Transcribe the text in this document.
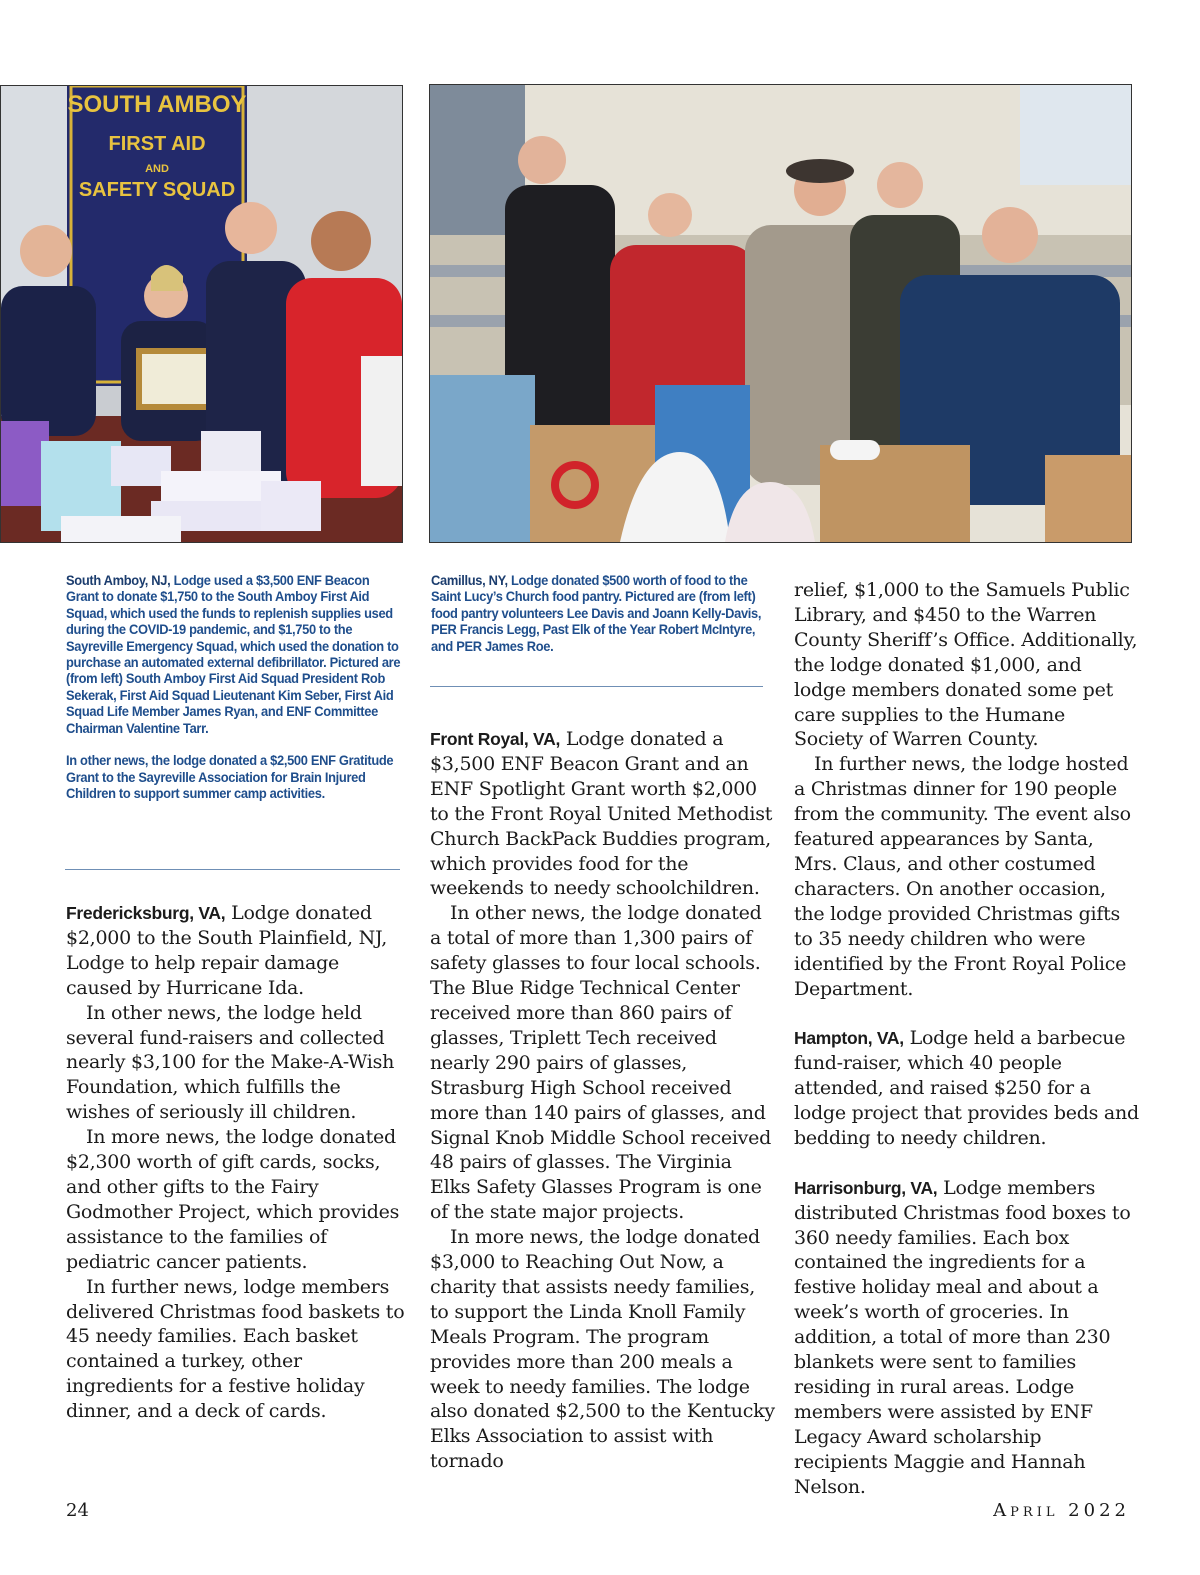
SOUTH AMBOY
FIRST AID
AND
SAFETY SQUAD

South Amboy, NJ, Lodge used a $3,500 ENF Beacon Grant to donate $1,750 to the South Amboy First Aid Squad, which used the funds to replenish supplies used during the COVID-19 pandemic, and $1,750 to the Sayreville Emergency Squad, which used the donation to purchase an automated external defibrillator. Pictured are (from left) South Amboy First Aid Squad President Rob Sekerak, First Aid Squad Lieutenant Kim Seber, First Aid Squad Life Member James Ryan, and ENF Committee Chairman Valentine Tarr.

In other news, the lodge donated a $2,500 ENF Gratitude Grant to the Sayreville Association for Brain Injured Children to support summer camp activities.

Camillus, NY, Lodge donated $500 worth of food to the Saint Lucy’s Church food pantry. Pictured are (from left) food pantry volunteers Lee Davis and Joann Kelly-Davis, PER Francis Legg, Past Elk of the Year Robert McIntyre, and PER James Roe.

Fredericksburg, VA, Lodge donated $2,000 to the South Plainfield, NJ, Lodge to help repair damage caused by Hurricane Ida.

In other news, the lodge held several fund-raisers and collected nearly $3,100 for the Make-A-Wish Foundation, which fulfills the wishes of seriously ill children.

In more news, the lodge donated $2,300 worth of gift cards, socks, and other gifts to the Fairy Godmother Project, which provides assistance to the families of pediatric cancer patients.

In further news, lodge members delivered Christmas food baskets to 45 needy families. Each basket contained a turkey, other ingredients for a festive holiday dinner, and a deck of cards.

Front Royal, VA, Lodge donated a $3,500 ENF Beacon Grant and an ENF Spotlight Grant worth $2,000 to the Front Royal United Methodist Church BackPack Buddies program, which provides food for the weekends to needy schoolchildren.

In other news, the lodge donated a total of more than 1,300 pairs of safety glasses to four local schools. The Blue Ridge Technical Center received more than 860 pairs of glasses, Triplett Tech received nearly 290 pairs of glasses, Strasburg High School received more than 140 pairs of glasses, and Signal Knob Middle School received 48 pairs of glasses. The Virginia Elks Safety Glasses Program is one of the state major projects.

In more news, the lodge donated $3,000 to Reaching Out Now, a charity that assists needy families, to support the Linda Knoll Family Meals Program. The program provides more than 200 meals a week to needy families. The lodge also donated $2,500 to the Kentucky Elks Association to assist with tornado

relief, $1,000 to the Samuels Public Library, and $450 to the Warren County Sheriff’s Office. Additionally, the lodge donated $1,000, and lodge members donated some pet care supplies to the Humane Society of Warren County.

In further news, the lodge hosted a Christmas dinner for 190 people from the community. The event also featured appearances by Santa, Mrs. Claus, and other costumed characters. On another occasion, the lodge provided Christmas gifts to 35 needy children who were identified by the Front Royal Police Department.

Hampton, VA, Lodge held a barbecue fund-raiser, which 40 people attended, and raised $250 for a lodge project that provides beds and bedding to needy children.

Harrisonburg, VA, Lodge members distributed Christmas food boxes to 360 needy families. Each box contained the ingredients for a festive holiday meal and about a week’s worth of groceries. In addition, a total of more than 230 blankets were sent to families residing in rural areas. Lodge members were assisted by ENF Legacy Award scholarship recipients Maggie and Hannah Nelson.

24	April 2022
